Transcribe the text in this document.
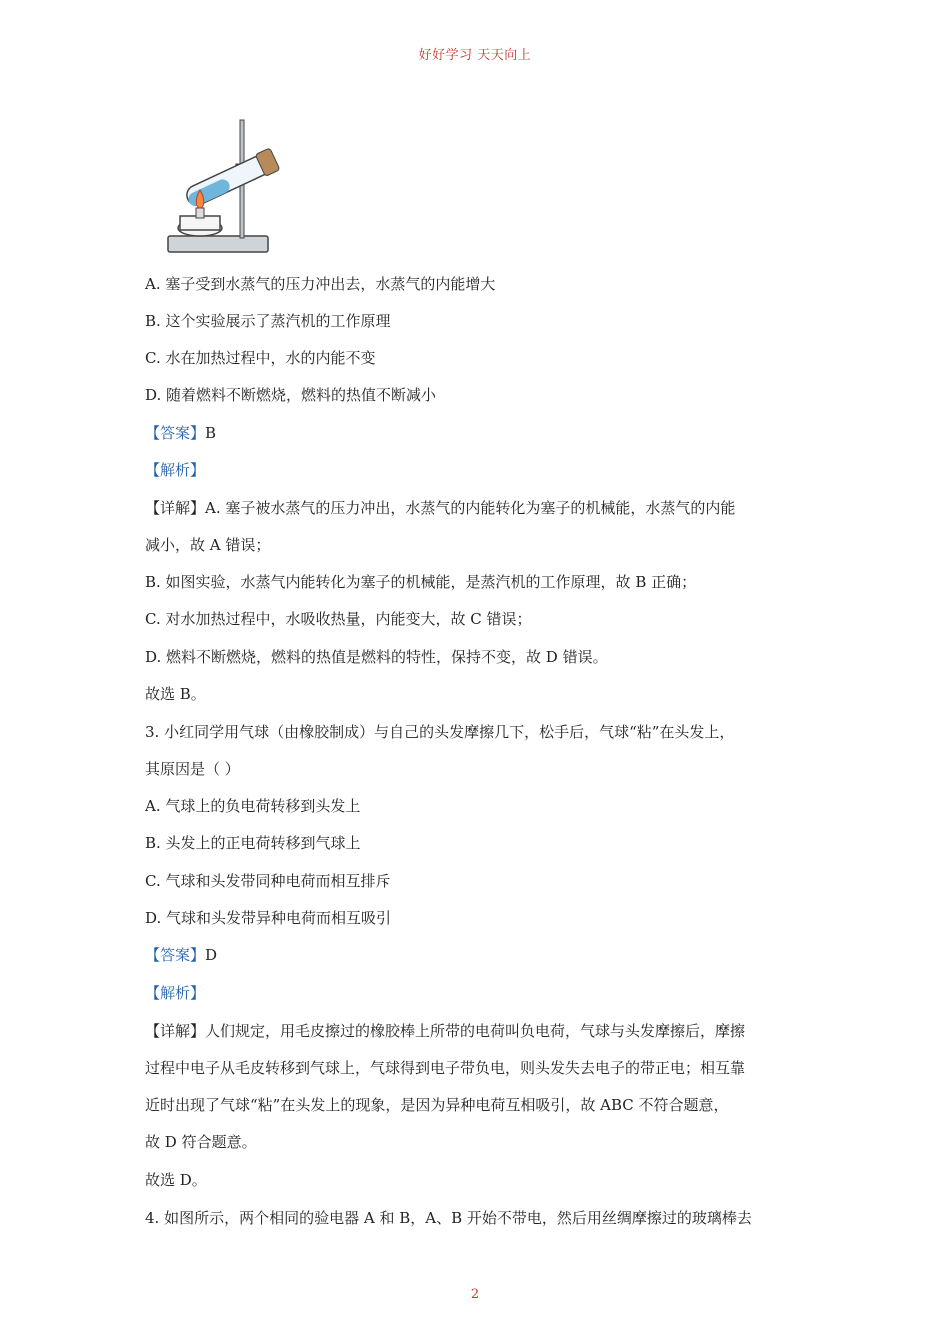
好好学习 天天向上
A. 塞子受到水蒸气的压力冲出去，水蒸气的内能增大
B. 这个实验展示了蒸汽机的工作原理
C. 水在加热过程中，水的内能不变
D. 随着燃料不断燃烧，燃料的热值不断减小
【答案】B
【解析】
【详解】A. 塞子被水蒸气的压力冲出，水蒸气的内能转化为塞子的机械能，水蒸气的内能
减小，故 A 错误；
B. 如图实验，水蒸气内能转化为塞子的机械能，是蒸汽机的工作原理，故 B 正确；
C. 对水加热过程中，水吸收热量，内能变大，故 C 错误；
D. 燃料不断燃烧，燃料的热值是燃料的特性，保持不变，故 D 错误。
故选 B。
3. 小红同学用气球（由橡胶制成）与自己的头发摩擦几下，松手后，气球“粘”在头发上，
其原因是（ ）
A. 气球上的负电荷转移到头发上
B. 头发上的正电荷转移到气球上
C. 气球和头发带同种电荷而相互排斥
D. 气球和头发带异种电荷而相互吸引
【答案】D
【解析】
【详解】人们规定，用毛皮擦过的橡胶棒上所带的电荷叫负电荷，气球与头发摩擦后，摩擦
过程中电子从毛皮转移到气球上，气球得到电子带负电，则头发失去电子的带正电；相互靠
近时出现了气球“粘”在头发上的现象，是因为异种电荷互相吸引，故 ABC 不符合题意，
故 D 符合题意。
故选 D。
4. 如图所示，两个相同的验电器 A 和 B，A、B 开始不带电，然后用丝绸摩擦过的玻璃棒去
2
